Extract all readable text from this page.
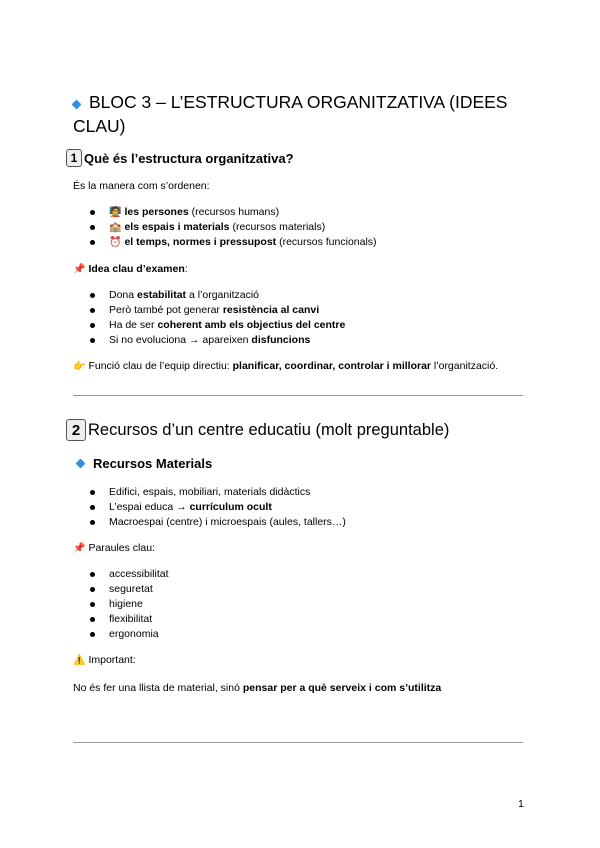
BLOC 3 – L’ESTRUCTURA ORGANITZATIVA (IDEES CLAU)
1 Què és l’estructura organitzativa?
És la manera com s’ordenen:
🧑‍🏫 les persones (recursos humans)
🏫 els espais i materials (recursos materials)
⏰ el temps, normes i pressupost (recursos funcionals)
📌 Idea clau d’examen:
Dona estabilitat a l’organització
Però també pot generar resistència al canvi
Ha de ser coherent amb els objectius del centre
Si no evoluciona → apareixen disfuncions
👉 Funció clau de l’equip directiu: planificar, coordinar, controlar i millorar l’organització.
2 Recursos d’un centre educatiu (molt preguntable)
Recursos Materials
Edifici, espais, mobiliari, materials didàctics
L’espai educa → currículum ocult
Macroespai (centre) i microespais (aules, tallers…)
📌 Paraules clau:
accessibilitat
seguretat
higiene
flexibilitat
ergonomia
⚠️ Important:
No és fer una llista de material, sinó pensar per a què serveix i com s’utilitza
1
